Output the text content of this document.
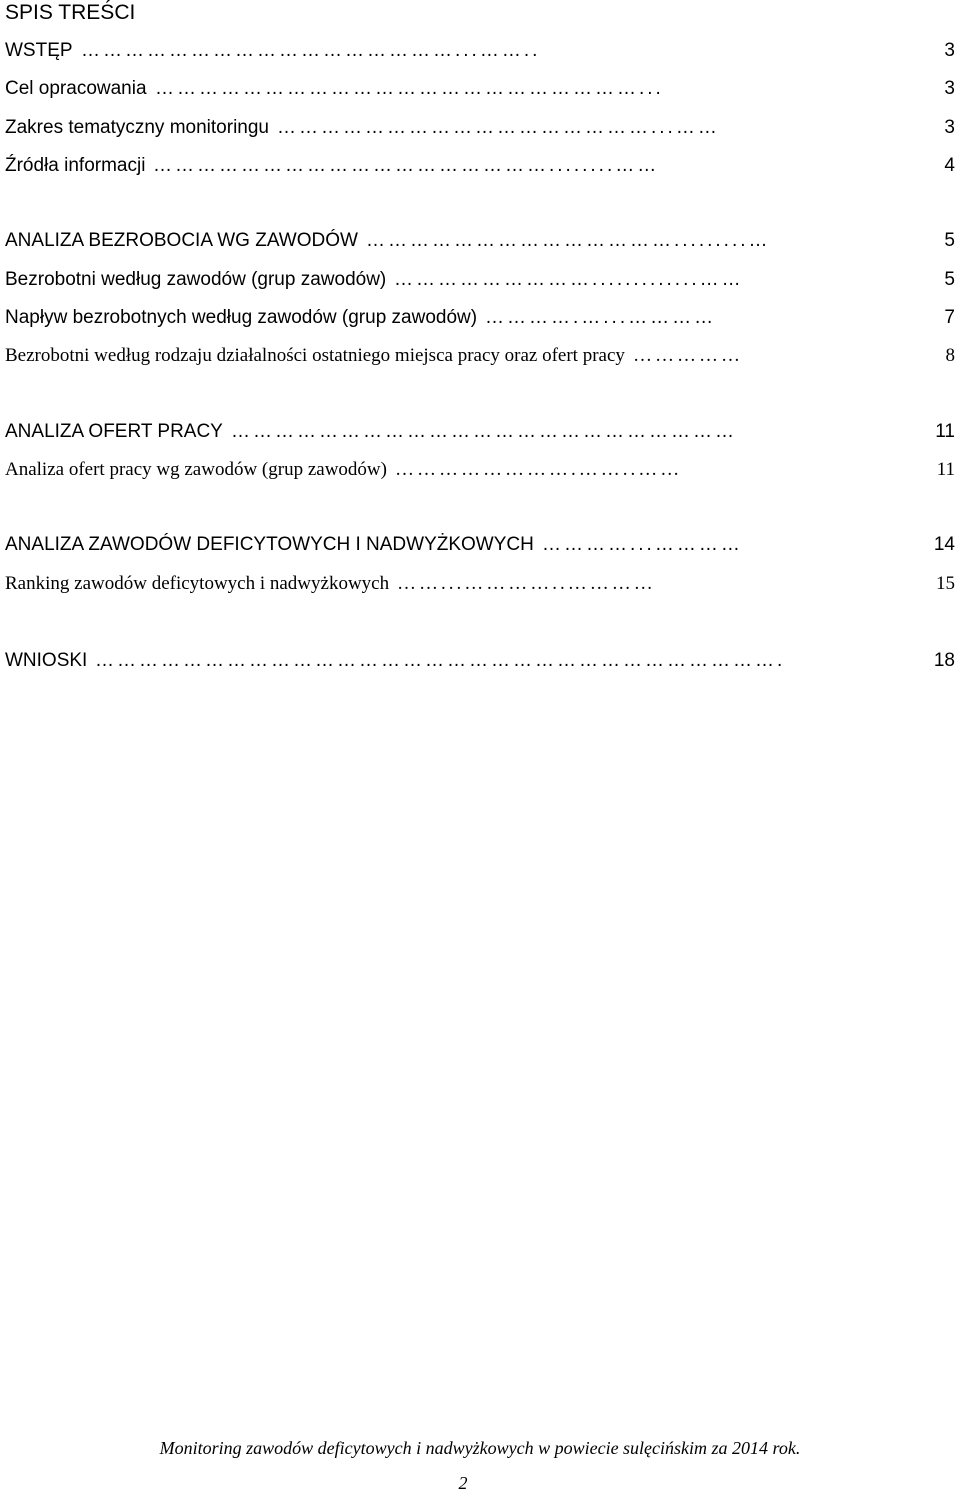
SPIS TREŚCI
WSTĘP ……………………………………………...……..	3
Cel opracowania …………………………………………………………...	3
Zakres tematyczny monitoringu ……………………………………………...……	3
Źródła informacji ………………………………………………........……	4
ANALIZA BEZROBOCIA WG ZAWODÓW …………………………………….........…	5
Bezrobotni według zawodów (grup zawodów) ……………………….............……	5
Napływ bezrobotnych według zawodów (grup zawodów) ………….…...…………	7
Bezrobotni według rodzaju działalności ostatniego miejsca pracy oraz ofert pracy ……………	8
ANALIZA OFERT PRACY ……………………………………………………………	11
Analiza ofert pracy wg zawodów (grup zawodów) …………………….……..……	11
ANALIZA ZAWODÓW DEFICYTOWYCH I NADWYŻKOWYCH …………...…………	14
Ranking zawodów deficytowych i nadwyżkowych ……...…………..…………	15
WNIOSKI ………………………………………………………………………………….	18
Monitoring zawodów deficytowych i nadwyżkowych w powiecie sulęcińskim za 2014 rok.
2
